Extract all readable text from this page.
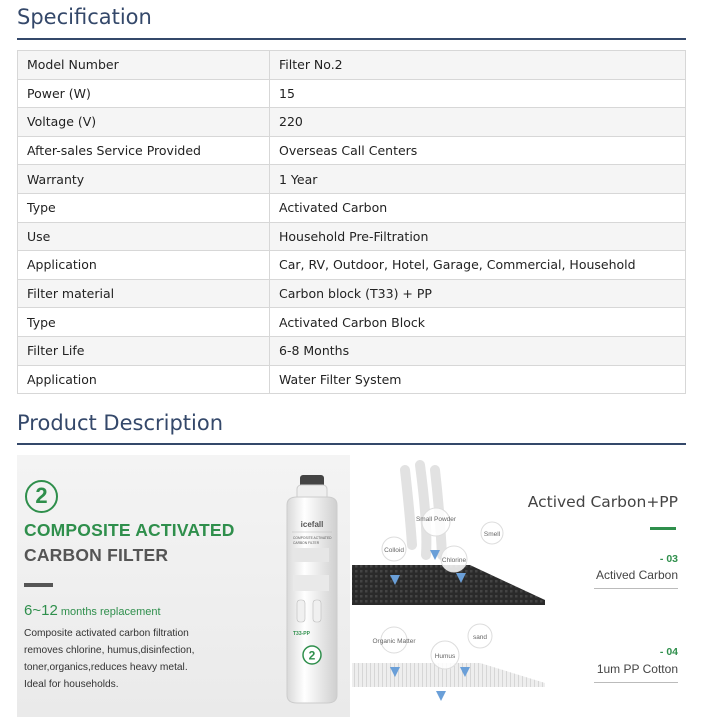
Specification
Model Number	Filter No.2
Power (W)	15
Voltage (V)	220
After-sales Service Provided	Overseas Call Centers
Warranty	1 Year
Type	Activated Carbon
Use	Household Pre-Filtration
Application	Car, RV, Outdoor, Hotel, Garage, Commercial, Household
Filter material	Carbon block (T33) + PP
Type	Activated Carbon Block
Filter Life	6-8 Months
Application	Water Filter System
Product Description
2
COMPOSITE ACTIVATED
CARBON FILTER
6~12 months replacement
Composite activated carbon filtration
removes chlorine, humus,disinfection,
toner,organics,reduces heavy metal.
Ideal for households.
icefall
COMPOSITE ACTIVATED
CARBON FILTER
T33-PP
2
Small Powder
Smell
Colloid
Chlorine
Organic Matter
sand
Humus
Actived Carbon+PP
- 03
Actived Carbon
- 04
1um PP Cotton
